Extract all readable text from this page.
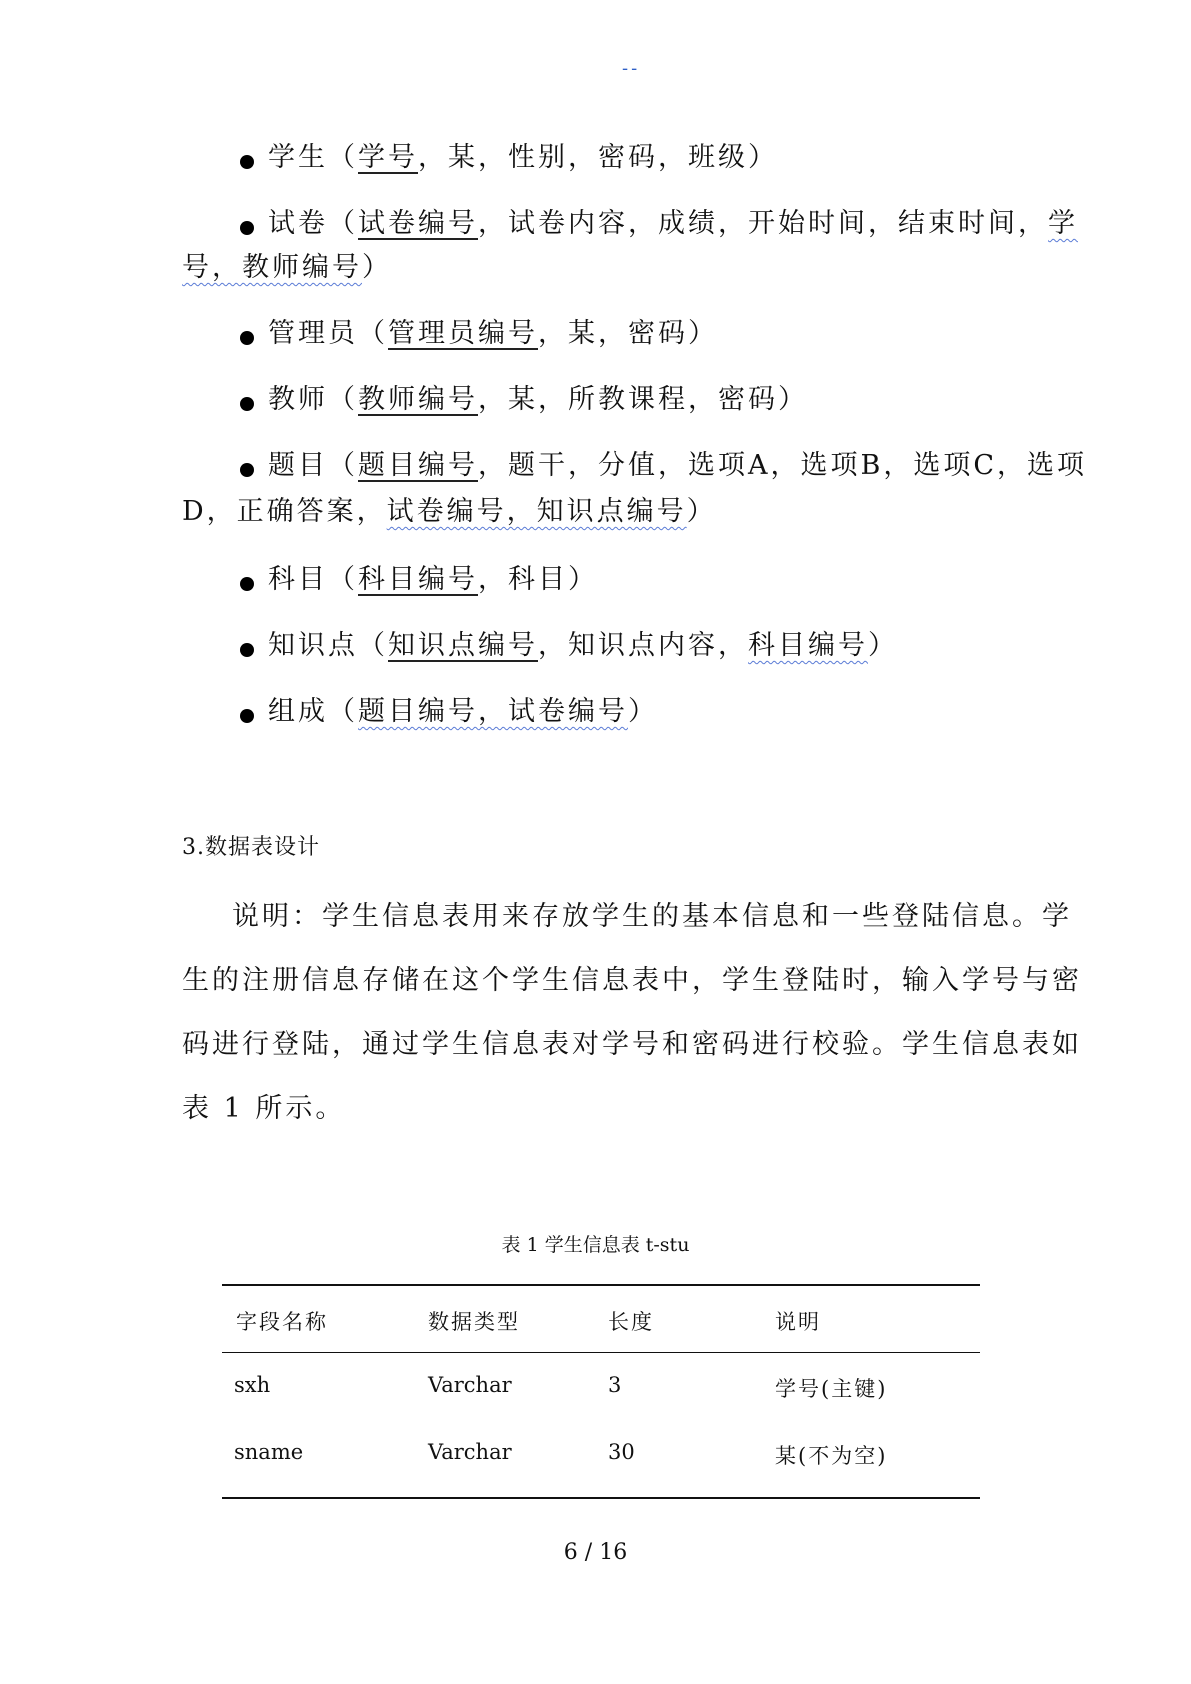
--
学生（学号，某，性别，密码，班级）
试卷（试卷编号，试卷内容，成绩，开始时间，结束时间，学
号，教师编号）
管理员（管理员编号，某，密码）
教师（教师编号，某，所教课程，密码）
题目（题目编号，题干，分值，选项A，选项B，选项C，选项
D，正确答案，试卷编号，知识点编号）
科目（科目编号，科目）
知识点（知识点编号，知识点内容，科目编号）
组成（题目编号，试卷编号）
3.数据表设计
说明：学生信息表用来存放学生的基本信息和一些登陆信息。学
生的注册信息存储在这个学生信息表中，学生登陆时，输入学号与密
码进行登陆，通过学生信息表对学号和密码进行校验。学生信息表如
表 1 所示。
表 1 学生信息表 t-stu
字段名称	数据类型	长度	说明
sxh	Varchar	3	学号(主键)
sname	Varchar	30	某(不为空)
6 / 16
